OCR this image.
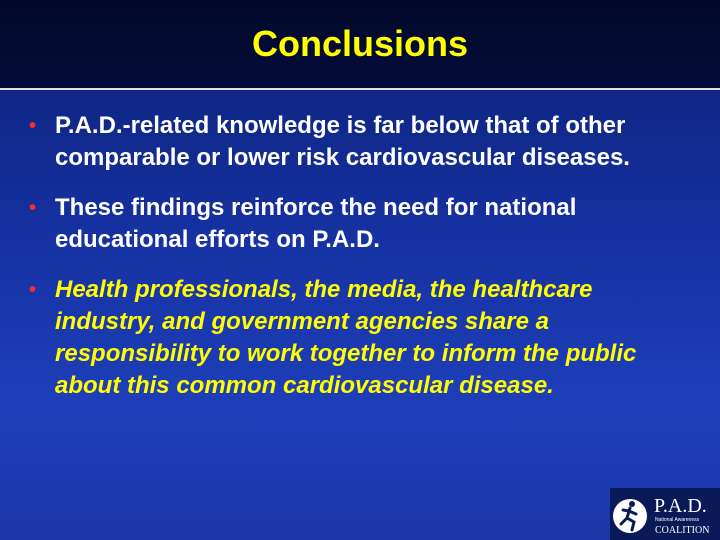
Conclusions
• P.A.D.-related knowledge is far below that of other comparable or lower risk cardiovascular diseases.
• These findings reinforce the need for national educational efforts on P.A.D.
• Health professionals, the media, the healthcare industry, and government agencies share a responsibility to work together to inform the public about this common cardiovascular disease.
P.A.D.
National Awareness
COALITION
